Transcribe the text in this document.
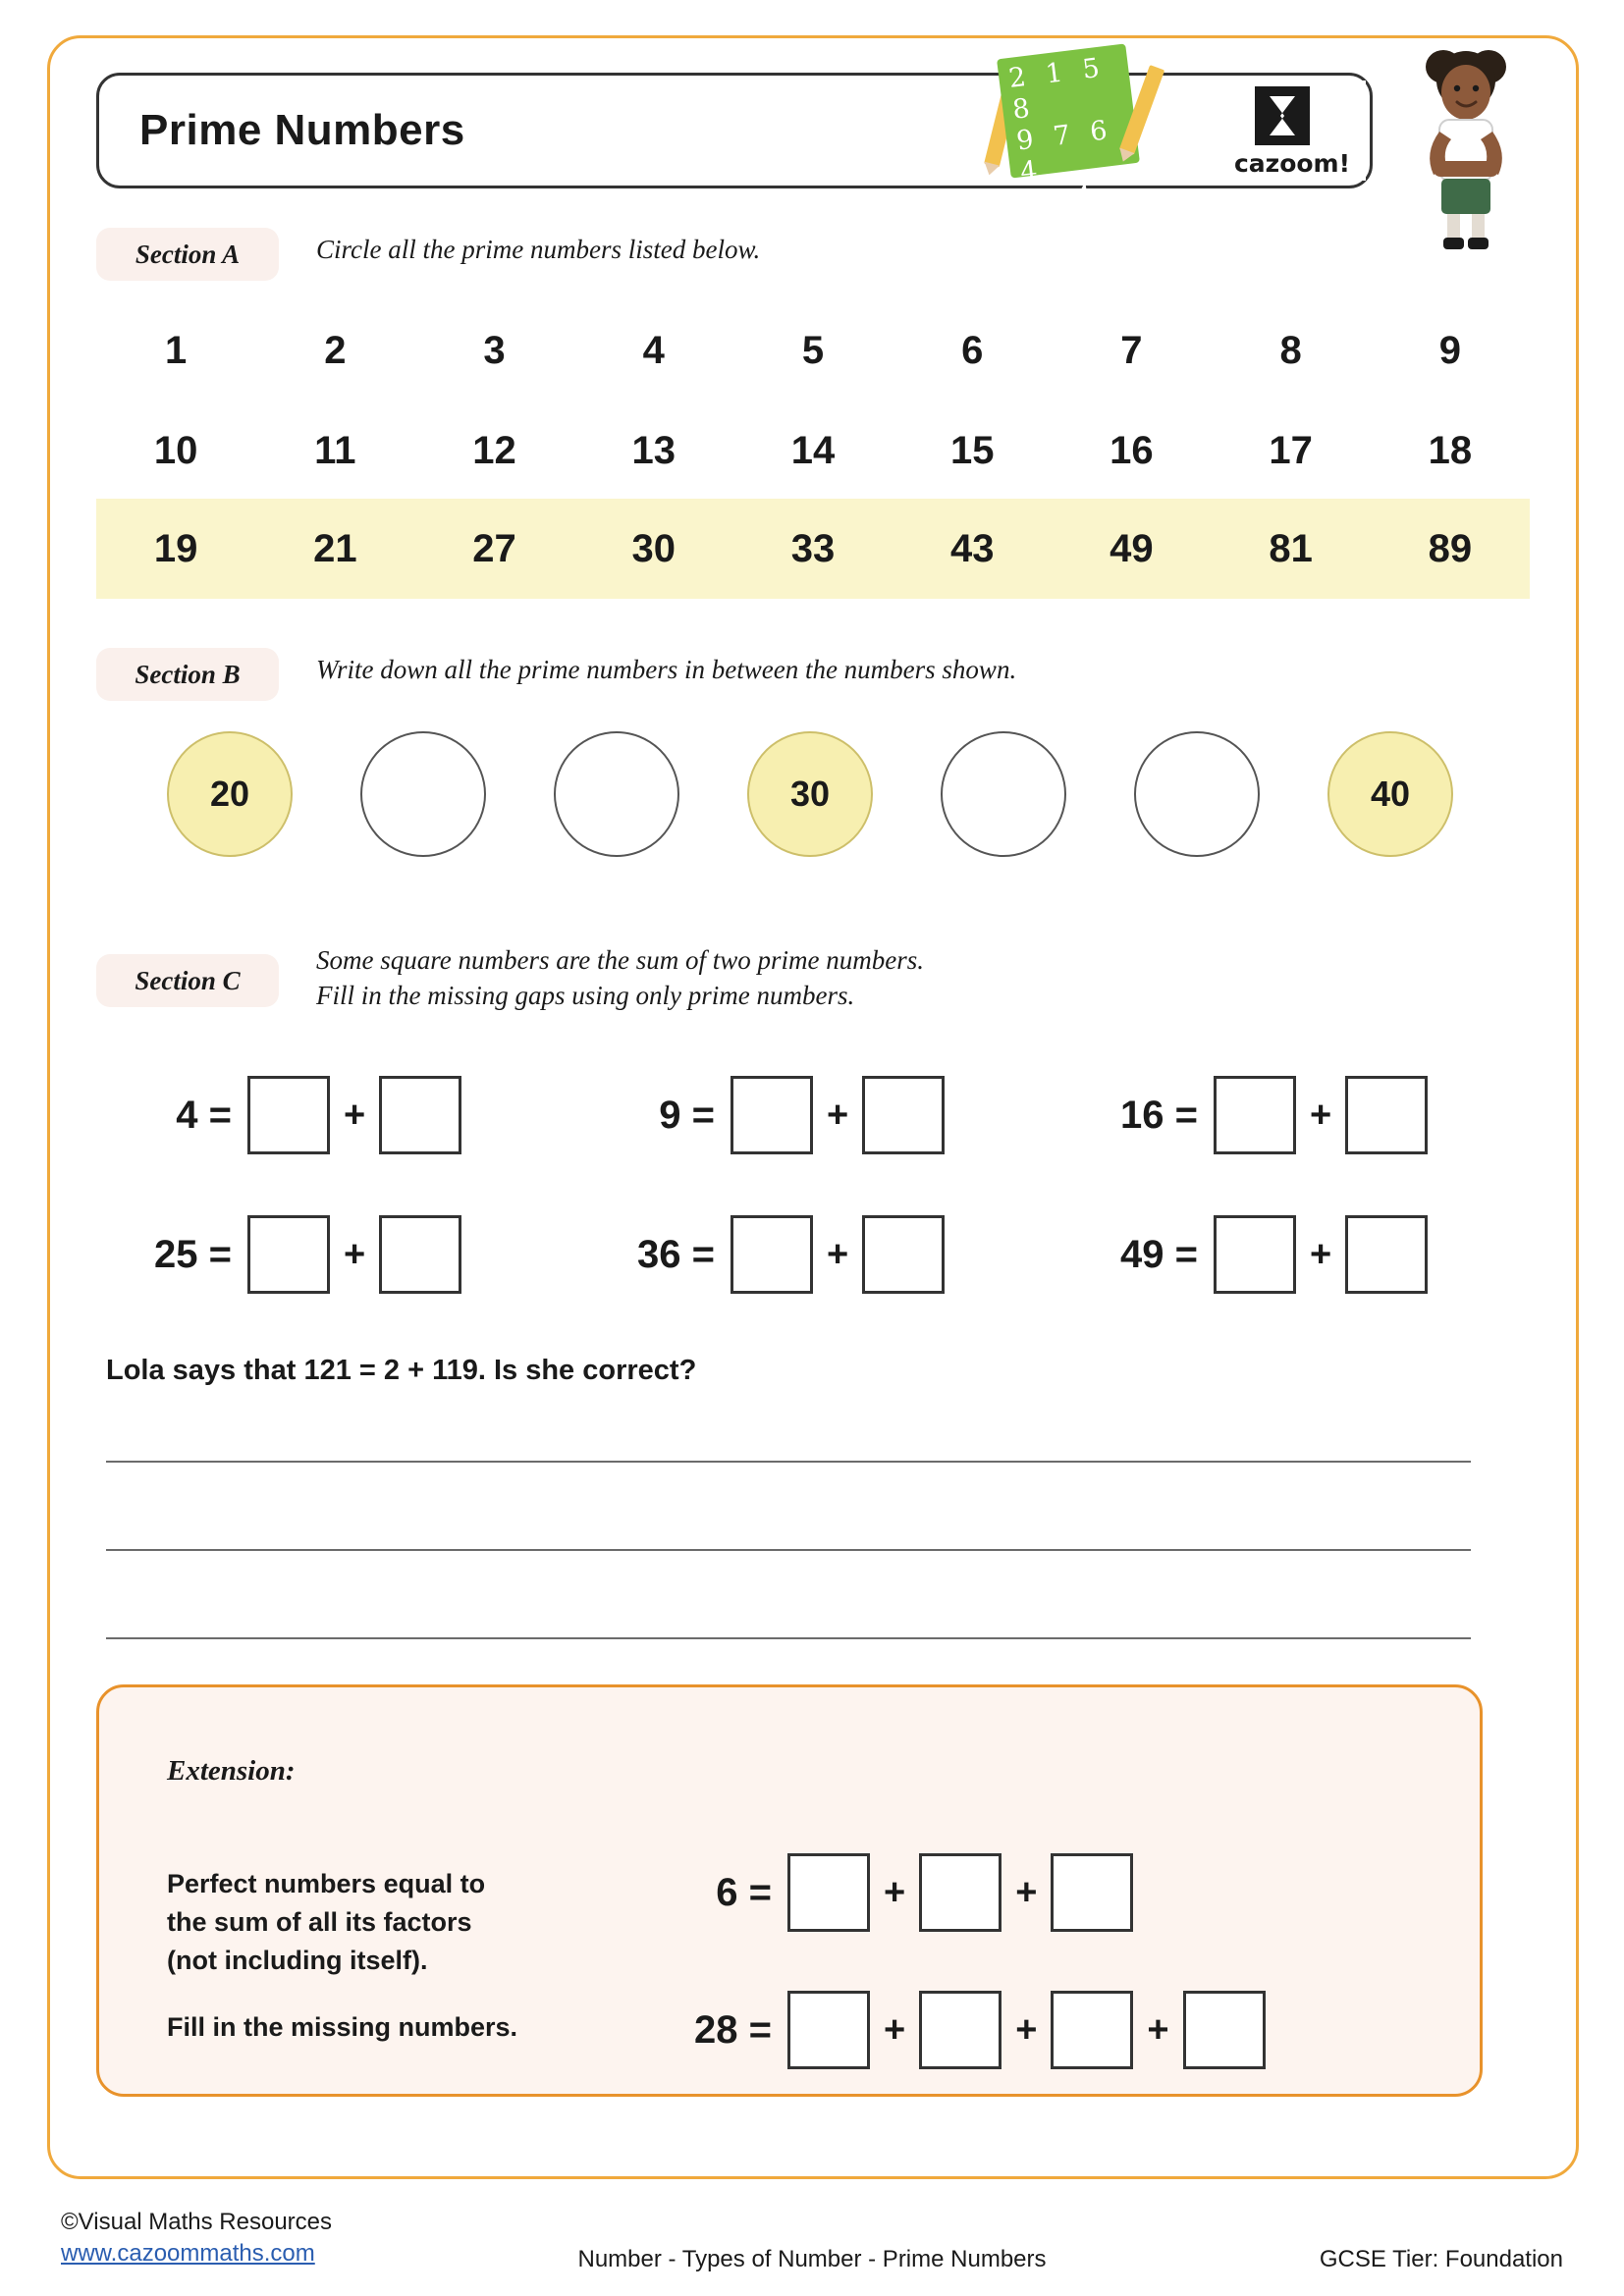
Prime Numbers
2 1 5 8
9 7 6 4
0 4 3
cazoom!
Section A	Circle all the prime numbers listed below.
1	2	3	4	5	6	7	8	9
10	11	12	13	14	15	16	17	18
19	21	27	30	33	43	49	81	89
Section B	Write down all the prime numbers in between the numbers shown.
20	30	40
Section C
Some square numbers are the sum of two prime numbers.
Fill in the missing gaps using only prime numbers.
4 =	+	9 =	+	16 =	+
25 =	+	36 =	+	49 =	+
Lola says that 121 = 2 + 119. Is she correct?
Extension:
Perfect numbers equal to
the sum of all its factors
(not including itself).
Fill in the missing numbers.
6 =	+	+
28 =	+	+	+
©Visual Maths Resources
www.cazoommaths.com	Number - Types of Number - Prime Numbers	GCSE Tier: Foundation
